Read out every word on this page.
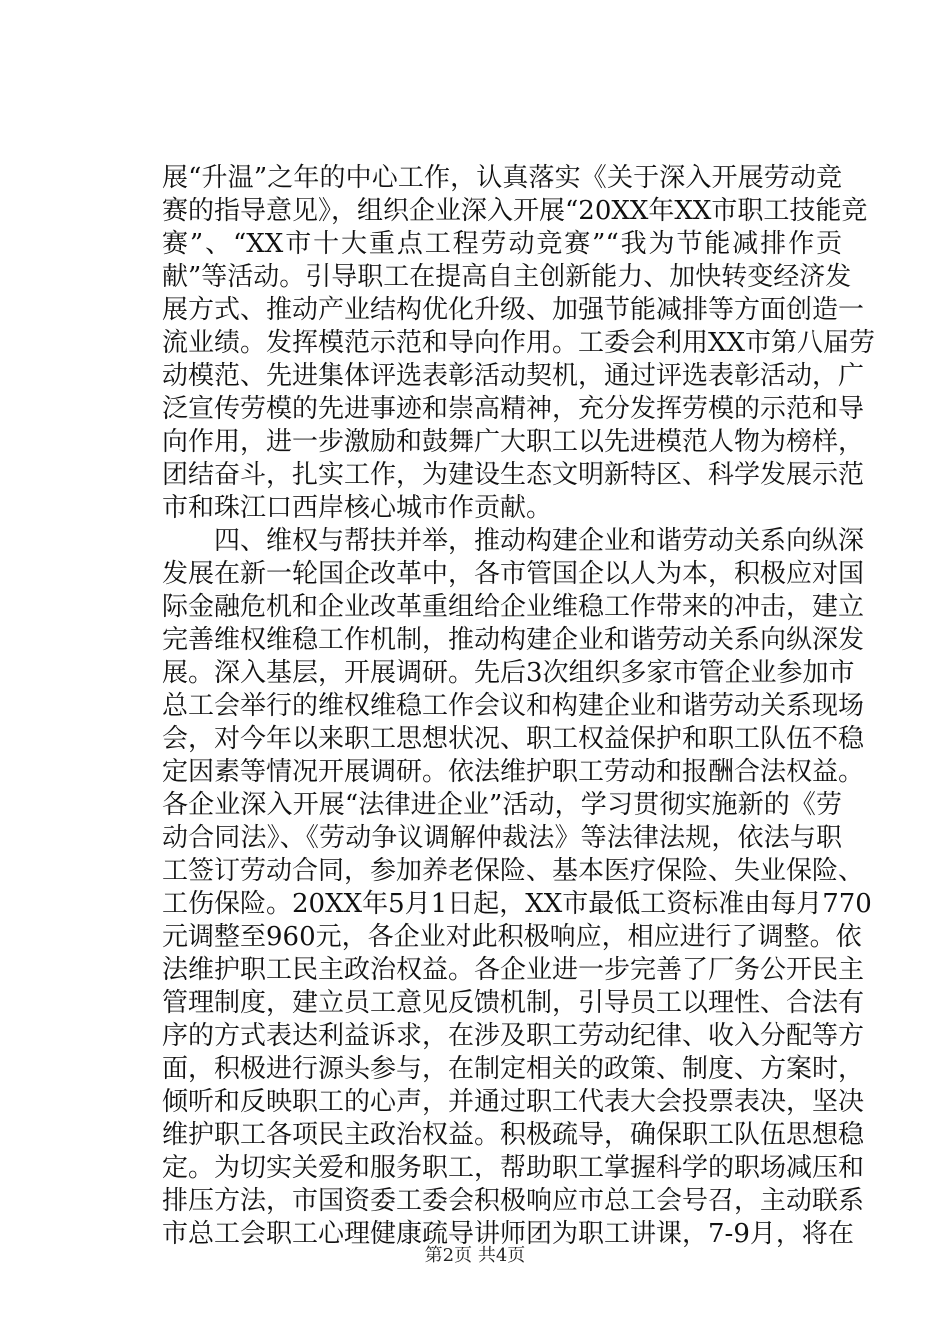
展“升温”之年的中心工作，认真落实《关于深入开展劳动竞
赛的指导意见》，组织企业深入开展“20XX年XX市职工技能竞
赛”、“XX市十大重点工程劳动竞赛”“我为节能减排作贡
献”等活动。引导职工在提高自主创新能力、加快转变经济发
展方式、推动产业结构优化升级、加强节能减排等方面创造一
流业绩。发挥模范示范和导向作用。工委会利用XX市第八届劳
动模范、先进集体评选表彰活动契机，通过评选表彰活动，广
泛宣传劳模的先进事迹和崇高精神，充分发挥劳模的示范和导
向作用，进一步激励和鼓舞广大职工以先进模范人物为榜样，
团结奋斗，扎实工作，为建设生态文明新特区、科学发展示范
市和珠江口西岸核心城市作贡献。
　　四、维权与帮扶并举，推动构建企业和谐劳动关系向纵深
发展在新一轮国企改革中，各市管国企以人为本，积极应对国
际金融危机和企业改革重组给企业维稳工作带来的冲击，建立
完善维权维稳工作机制，推动构建企业和谐劳动关系向纵深发
展。深入基层，开展调研。先后3次组织多家市管企业参加市
总工会举行的维权维稳工作会议和构建企业和谐劳动关系现场
会，对今年以来职工思想状况、职工权益保护和职工队伍不稳
定因素等情况开展调研。依法维护职工劳动和报酬合法权益。
各企业深入开展“法律进企业”活动，学习贯彻实施新的《劳
动合同法》、《劳动争议调解仲裁法》等法律法规，依法与职
工签订劳动合同，参加养老保险、基本医疗保险、失业保险、
工伤保险。20XX年5月1日起，XX市最低工资标准由每月770
元调整至960元，各企业对此积极响应，相应进行了调整。依
法维护职工民主政治权益。各企业进一步完善了厂务公开民主
管理制度，建立员工意见反馈机制，引导员工以理性、合法有
序的方式表达利益诉求，在涉及职工劳动纪律、收入分配等方
面，积极进行源头参与，在制定相关的政策、制度、方案时，
倾听和反映职工的心声，并通过职工代表大会投票表决，坚决
维护职工各项民主政治权益。积极疏导，确保职工队伍思想稳
定。为切实关爱和服务职工，帮助职工掌握科学的职场减压和
排压方法，市国资委工委会积极响应市总工会号召，主动联系
市总工会职工心理健康疏导讲师团为职工讲课，7-9月，将在
第2页 共4页
